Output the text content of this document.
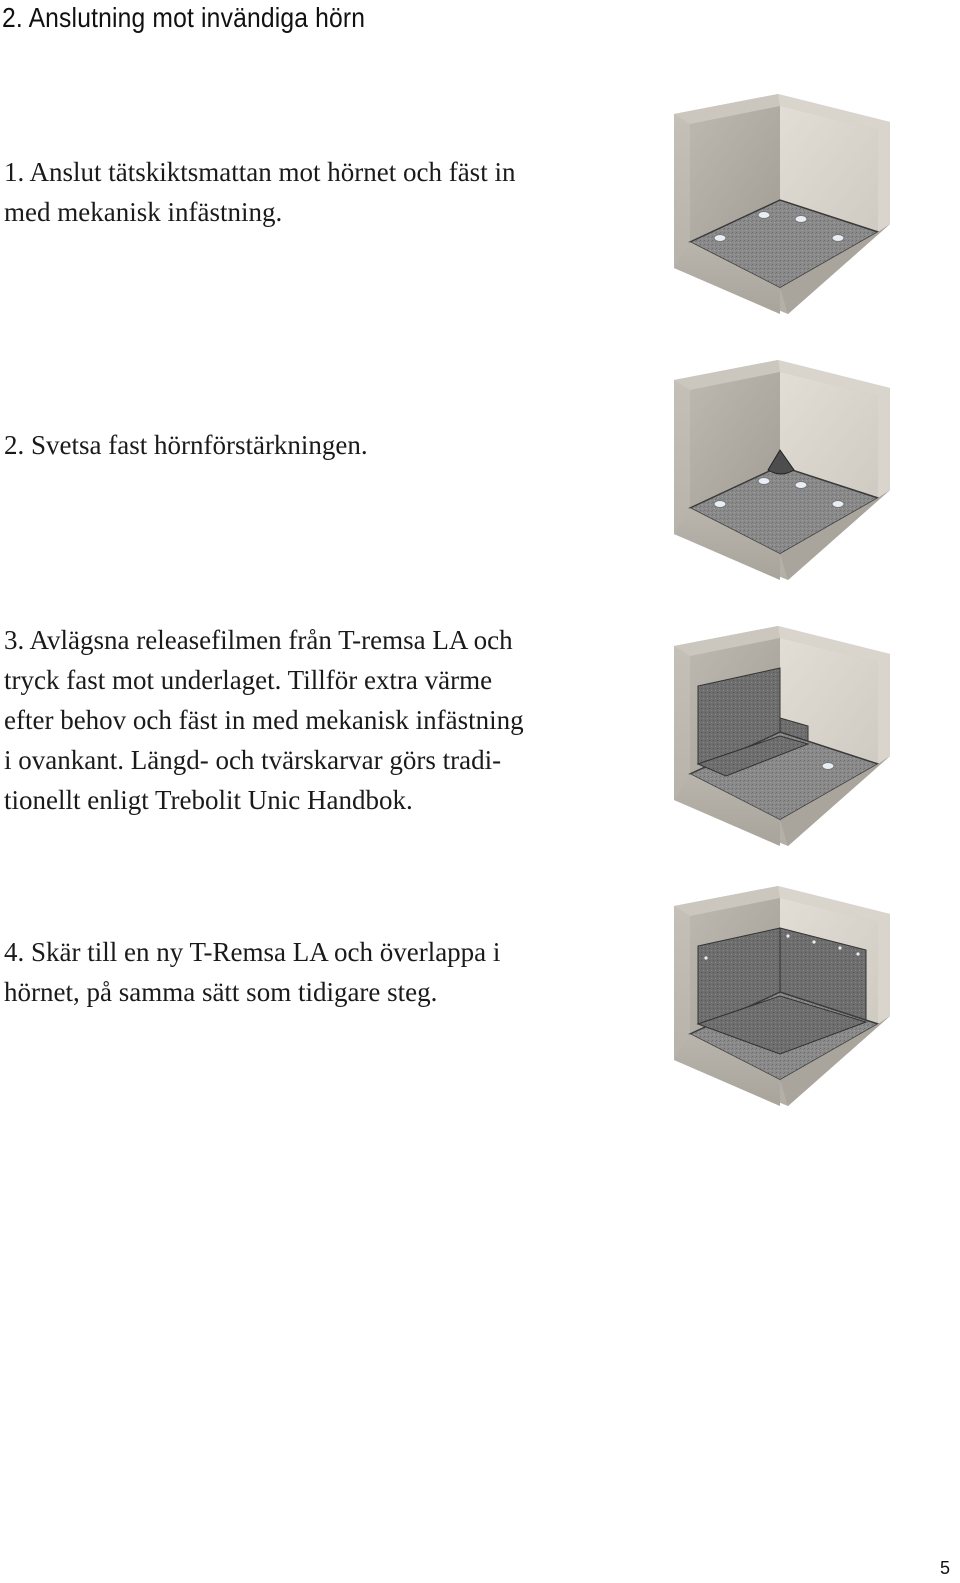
2. Anslutning mot invändiga hörn

1. Anslut tätskiktsmattan mot hörnet och fäst in

med mekanisk infästning.

2. Svetsa fast hörnförstärkningen.

3. Avlägsna releasefilmen från T-remsa LA och

tryck fast mot underlaget. Tillför extra värme

efter behov och fäst in med mekanisk infästning

i ovankant. Längd- och tvärskarvar görs tradi-

tionellt enligt Trebolit Unic Handbok.

4. Skär till en ny T-Remsa LA och överlappa i

hörnet, på samma sätt som tidigare steg.

5
